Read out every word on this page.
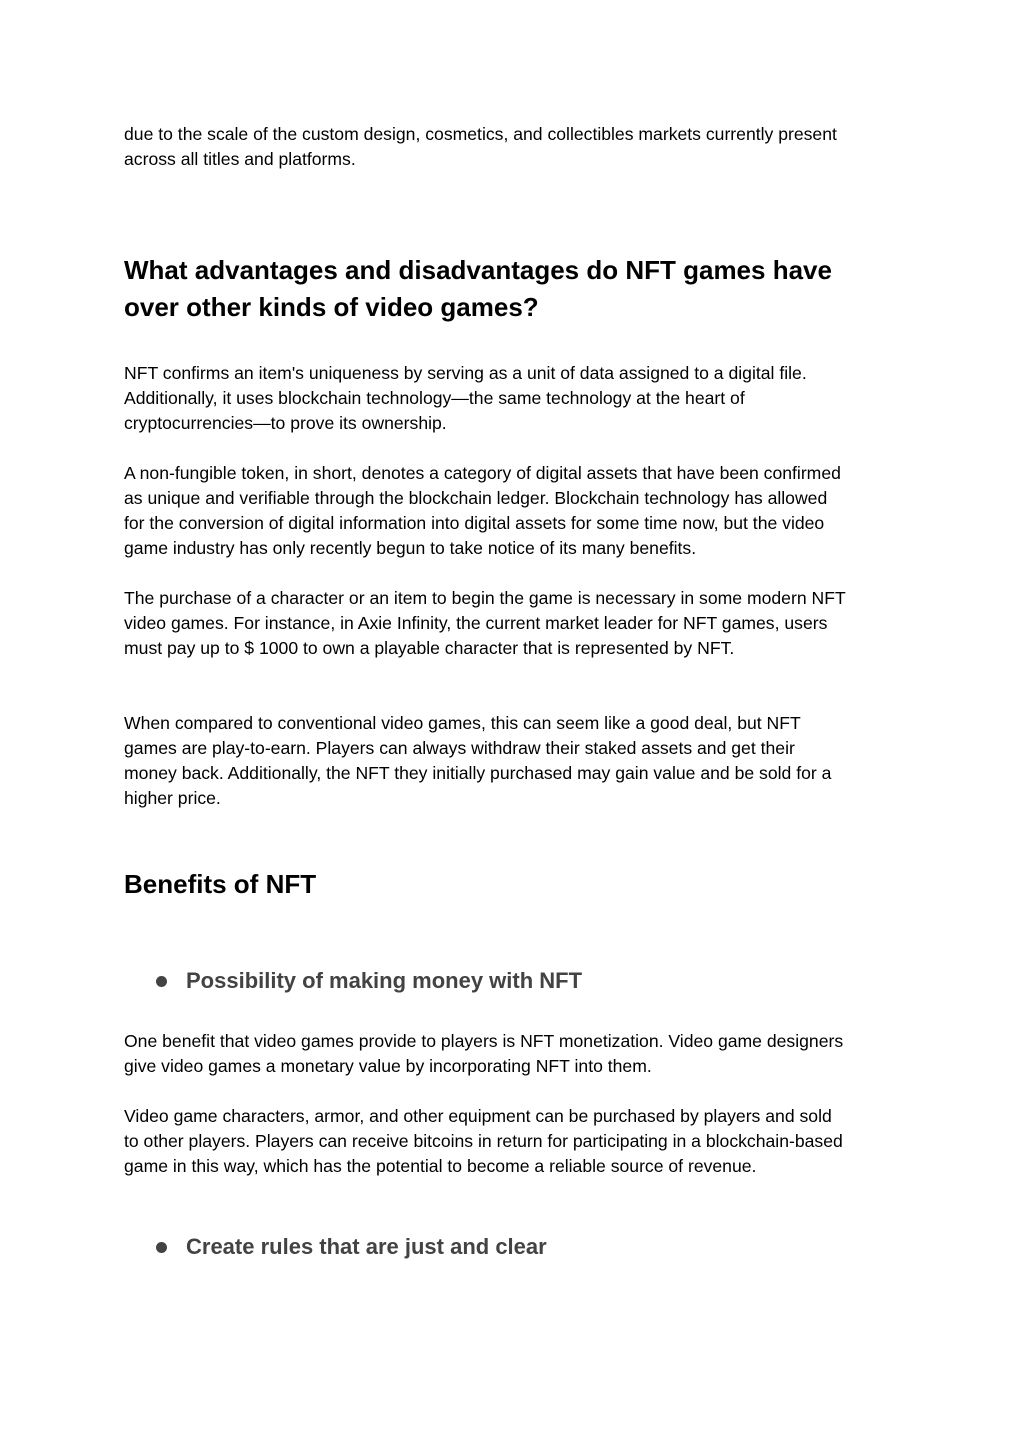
due to the scale of the custom design, cosmetics, and collectibles markets currently present
across all titles and platforms.

What advantages and disadvantages do NFT games have
over other kinds of video games?

NFT confirms an item's uniqueness by serving as a unit of data assigned to a digital file.
Additionally, it uses blockchain technology—the same technology at the heart of
cryptocurrencies—to prove its ownership.

A non-fungible token, in short, denotes a category of digital assets that have been confirmed
as unique and verifiable through the blockchain ledger. Blockchain technology has allowed
for the conversion of digital information into digital assets for some time now, but the video
game industry has only recently begun to take notice of its many benefits.

The purchase of a character or an item to begin the game is necessary in some modern NFT
video games. For instance, in Axie Infinity, the current market leader for NFT games, users
must pay up to $ 1000 to own a playable character that is represented by NFT.

When compared to conventional video games, this can seem like a good deal, but NFT
games are play-to-earn. Players can always withdraw their staked assets and get their
money back. Additionally, the NFT they initially purchased may gain value and be sold for a
higher price.

Benefits of NFT
Possibility of making money with NFT

One benefit that video games provide to players is NFT monetization. Video game designers
give video games a monetary value by incorporating NFT into them.

Video game characters, armor, and other equipment can be purchased by players and sold
to other players. Players can receive bitcoins in return for participating in a blockchain-based
game in this way, which has the potential to become a reliable source of revenue.

Create rules that are just and clear
